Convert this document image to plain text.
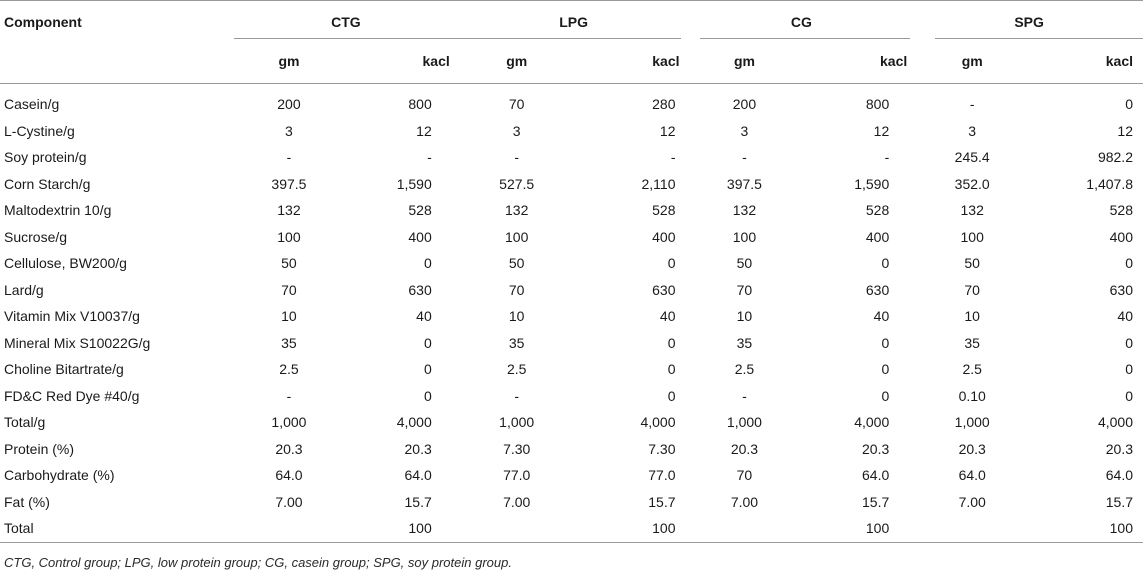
Component	CTG		LPG		CG		SPG	

	gm	kacl	gm	kacl	gm	kacl	gm	kacl

Casein/g	200	800	70	280	200	800	-	0
L-Cystine/g	3	12	3	12	3	12	3	12
Soy protein/g	-	-	-	-	-	-	245.4	982.2
Corn Starch/g	397.5	1,590	527.5	2,110	397.5	1,590	352.0	1,407.8
Maltodextrin 10/g	132	528	132	528	132	528	132	528
Sucrose/g	100	400	100	400	100	400	100	400
Cellulose, BW200/g	50	0	50	0	50	0	50	0
Lard/g	70	630	70	630	70	630	70	630
Vitamin Mix V10037/g	10	40	10	40	10	40	10	40
Mineral Mix S10022G/g	35	0	35	0	35	0	35	0
Choline Bitartrate/g	2.5	0	2.5	0	2.5	0	2.5	0
FD&C Red Dye #40/g	-	0	-	0	-	0	0.10	0
Total/g	1,000	4,000	1,000	4,000	1,000	4,000	1,000	4,000
Protein (%)	20.3	20.3	7.30	7.30	20.3	20.3	20.3	20.3
Carbohydrate (%)	64.0	64.0	77.0	77.0	70	64.0	64.0	64.0
Fat (%)	7.00	15.7	7.00	15.7	7.00	15.7	7.00	15.7
Total		100		100		100		100
CTG, Control group; LPG, low protein group; CG, casein group; SPG, soy protein group.
